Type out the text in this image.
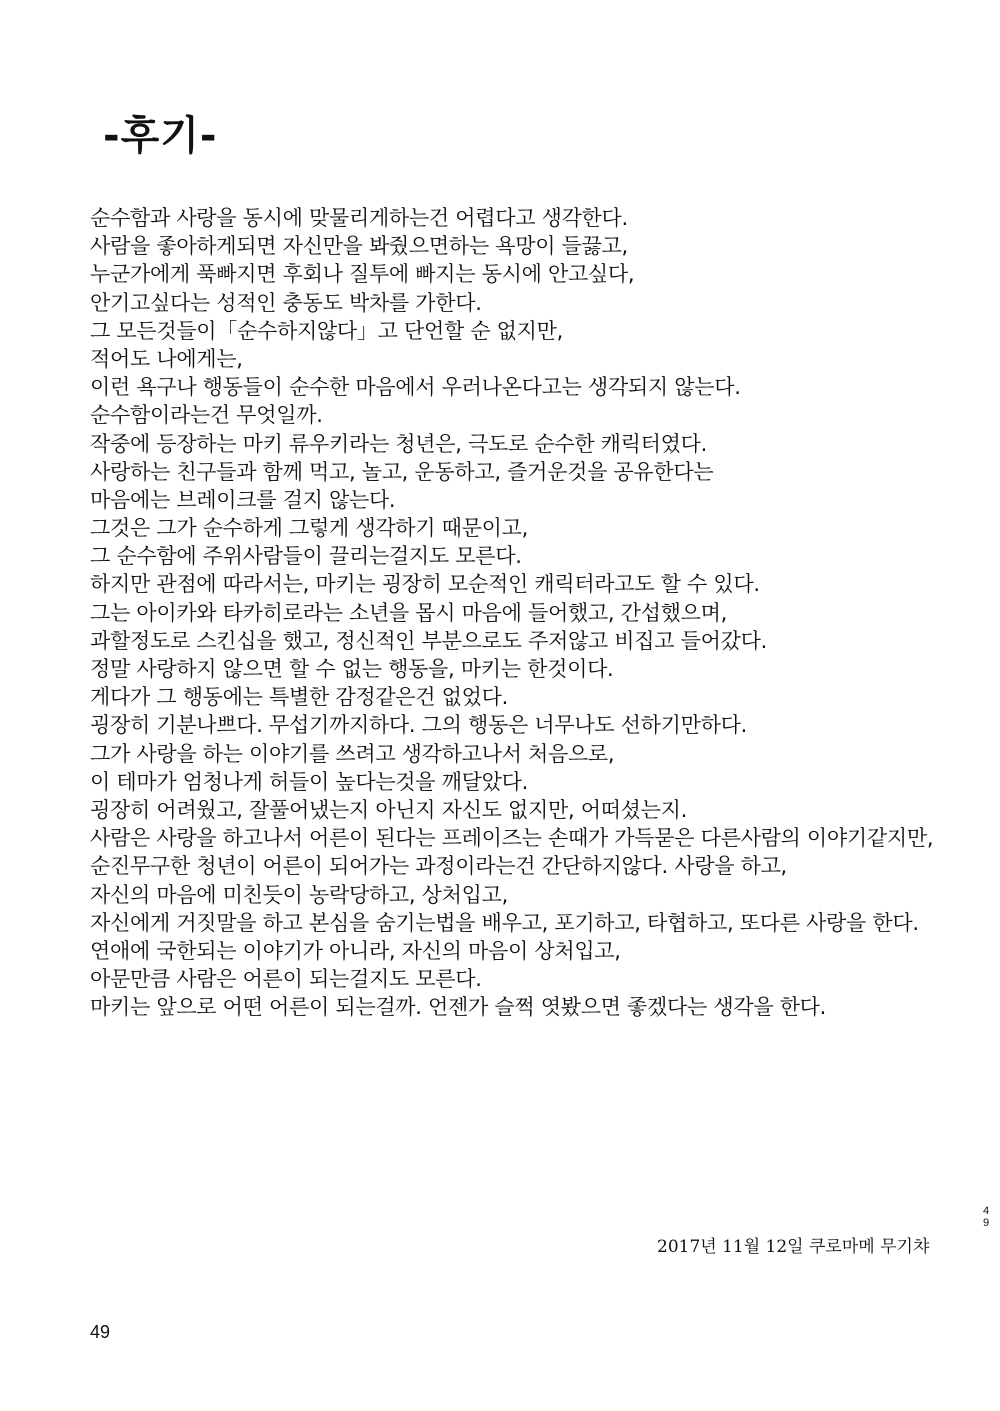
-후기-
순수함과 사랑을 동시에 맞물리게하는건 어렵다고 생각한다.
사람을 좋아하게되면 자신만을 봐줬으면하는 욕망이 들끓고,
누군가에게 푹빠지면 후회나 질투에 빠지는 동시에 안고싶다,
안기고싶다는 성적인 충동도 박차를 가한다.
그 모든것들이「순수하지않다」고 단언할 순 없지만,
적어도 나에게는,
이런 욕구나 행동들이 순수한 마음에서 우러나온다고는 생각되지 않는다.
순수함이라는건 무엇일까.
작중에 등장하는 마키 류우키라는 청년은, 극도로 순수한 캐릭터였다.
사랑하는 친구들과 함께 먹고, 놀고, 운동하고, 즐거운것을 공유한다는
마음에는 브레이크를 걸지 않는다.
그것은 그가 순수하게 그렇게 생각하기 때문이고,
그 순수함에 주위사람들이 끌리는걸지도 모른다.
하지만 관점에 따라서는, 마키는 굉장히 모순적인 캐릭터라고도 할 수 있다.
그는 아이카와 타카히로라는 소년을 몹시 마음에 들어했고, 간섭했으며,
과할정도로 스킨십을 했고, 정신적인 부분으로도 주저않고 비집고 들어갔다.
정말 사랑하지 않으면 할 수 없는 행동을, 마키는 한것이다.
게다가 그 행동에는 특별한 감정같은건 없었다.
굉장히 기분나쁘다. 무섭기까지하다. 그의 행동은 너무나도 선하기만하다.
그가 사랑을 하는 이야기를 쓰려고 생각하고나서 처음으로,
이 테마가 엄청나게 허들이 높다는것을 깨달았다.
굉장히 어려웠고, 잘풀어냈는지 아닌지 자신도 없지만, 어떠셨는지.
사람은 사랑을 하고나서 어른이 된다는 프레이즈는 손때가 가득묻은 다른사람의 이야기같지만,
순진무구한 청년이 어른이 되어가는 과정이라는건 간단하지않다. 사랑을 하고,
자신의 마음에 미친듯이 농락당하고, 상처입고,
자신에게 거짓말을 하고 본심을 숨기는법을 배우고, 포기하고, 타협하고, 또다른 사랑을 한다.
연애에 국한되는 이야기가 아니라, 자신의 마음이 상처입고,
아문만큼 사람은 어른이 되는걸지도 모른다.
마키는 앞으로 어떤 어른이 되는걸까. 언젠가 슬쩍 엿봤으면 좋겠다는 생각을 한다.
2017년 11월 12일 쿠로마메 무기챠
49
49
